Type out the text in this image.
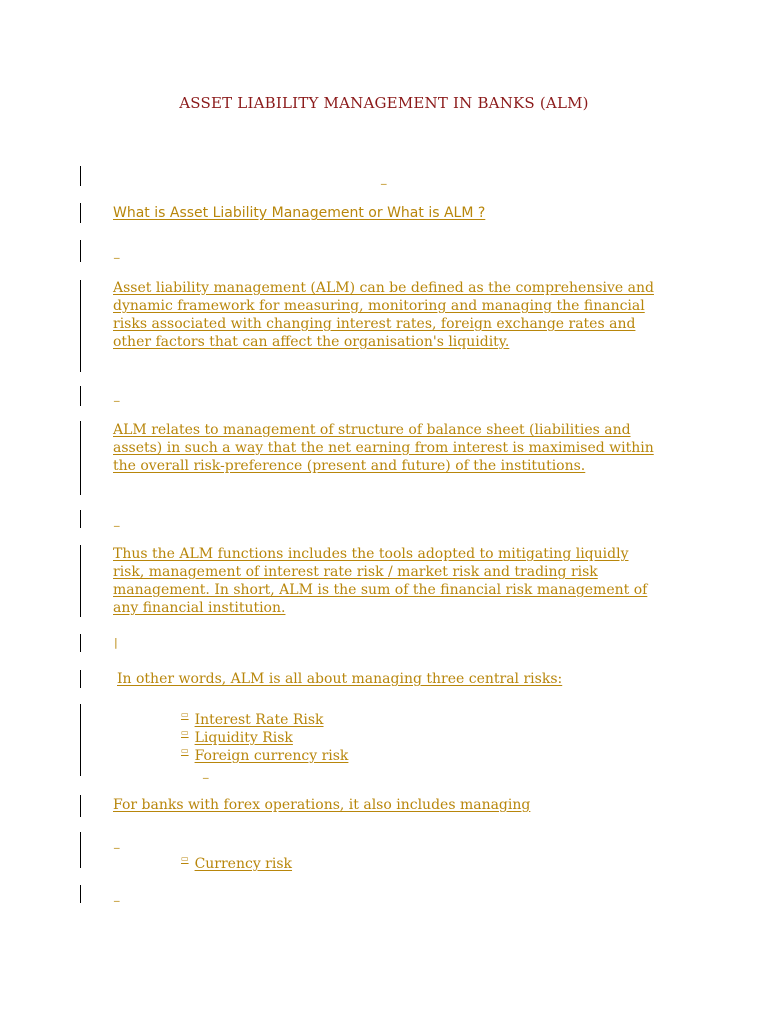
ASSET LIABILITY MANAGEMENT IN BANKS (ALM)
_
_
_
_
|
_
_
_
What is Asset Liability Management or What is ALM ?
Asset liability management (ALM) can be defined as the comprehensive and dynamic framework for measuring, monitoring and managing the financial risks associated with changing interest rates, foreign exchange rates and other factors that can affect the organisation's liquidity.
ALM relates to management of structure of balance sheet (liabilities and assets) in such a way that the net earning from interest is maximised within the overall risk-preference (present and future) of the institutions.
Thus the ALM functions includes the tools adopted to mitigating liquidly risk, management of interest rate risk / market risk and trading risk management. In short, ALM is the sum of the financial risk management of any financial institution.
In other words, ALM is all about managing three central risks:
▭ Interest Rate Risk
▭ Liquidity Risk
▭ Foreign currency risk
For banks with forex operations, it also includes managing
▭ Currency risk
